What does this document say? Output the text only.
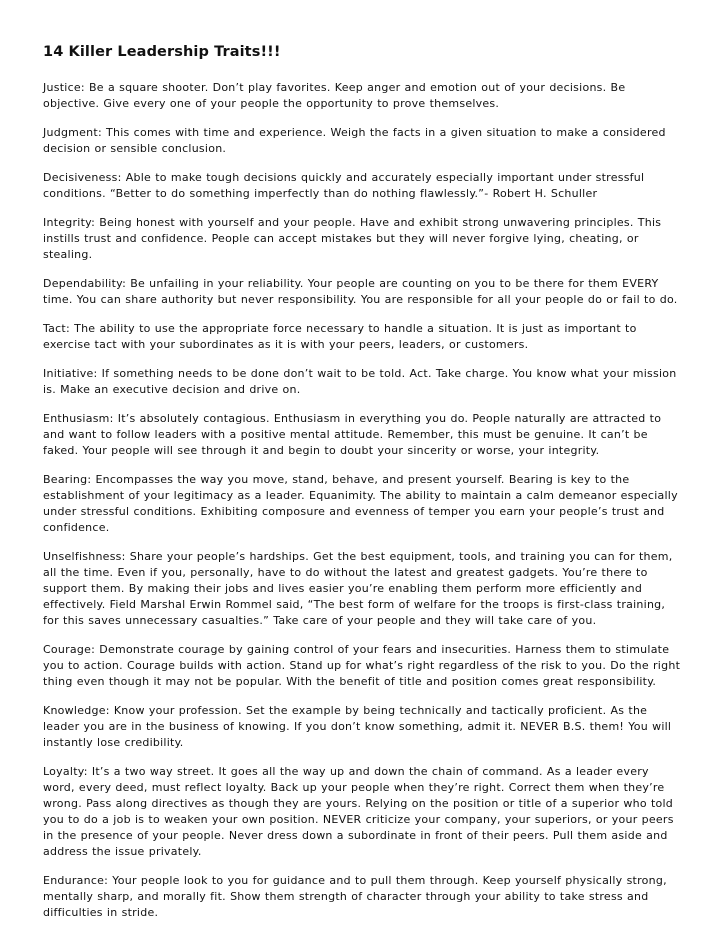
14 Killer Leadership Traits!!!

Justice: Be a square shooter. Don’t play favorites. Keep anger and emotion out of your decisions. Be objective. Give every one of your people the opportunity to prove themselves.

Judgment: This comes with time and experience. Weigh the facts in a given situation to make a considered decision or sensible conclusion.

Decisiveness: Able to make tough decisions quickly and accurately especially important under stressful conditions. “Better to do something imperfectly than do nothing flawlessly.”- Robert H. Schuller

Integrity: Being honest with yourself and your people. Have and exhibit strong unwavering principles. This instills trust and confidence. People can accept mistakes but they will never forgive lying, cheating, or stealing.

Dependability: Be unfailing in your reliability. Your people are counting on you to be there for them EVERY time. You can share authority but never responsibility. You are responsible for all your people do or fail to do.

Tact: The ability to use the appropriate force necessary to handle a situation. It is just as important to exercise tact with your subordinates as it is with your peers, leaders, or customers.

Initiative: If something needs to be done don’t wait to be told. Act. Take charge. You know what your mission is. Make an executive decision and drive on.

Enthusiasm: It’s absolutely contagious. Enthusiasm in everything you do. People naturally are attracted to and want to follow leaders with a positive mental attitude. Remember, this must be genuine. It can’t be faked. Your people will see through it and begin to doubt your sincerity or worse, your integrity.

Bearing: Encompasses the way you move, stand, behave, and present yourself. Bearing is key to the establishment of your legitimacy as a leader. Equanimity. The ability to maintain a calm demeanor especially under stressful conditions. Exhibiting composure and evenness of temper you earn your people’s trust and confidence.

Unselfishness: Share your people’s hardships. Get the best equipment, tools, and training you can for them, all the time. Even if you, personally, have to do without the latest and greatest gadgets. You’re there to support them. By making their jobs and lives easier you’re enabling them perform more efficiently and effectively. Field Marshal Erwin Rommel said, “The best form of welfare for the troops is first-class training, for this saves unnecessary casualties.” Take care of your people and they will take care of you.

Courage: Demonstrate courage by gaining control of your fears and insecurities. Harness them to stimulate you to action. Courage builds with action. Stand up for what’s right regardless of the risk to you. Do the right thing even though it may not be popular. With the benefit of title and position comes great responsibility.

Knowledge: Know your profession. Set the example by being technically and tactically proficient. As the leader you are in the business of knowing. If you don’t know something, admit it. NEVER B.S. them! You will instantly lose credibility.

Loyalty: It’s a two way street. It goes all the way up and down the chain of command. As a leader every word, every deed, must reflect loyalty. Back up your people when they’re right. Correct them when they’re wrong. Pass along directives as though they are yours. Relying on the position or title of a superior who told you to do a job is to weaken your own position. NEVER criticize your company, your superiors, or your peers in the presence of your people. Never dress down a subordinate in front of their peers. Pull them aside and address the issue privately.

Endurance: Your people look to you for guidance and to pull them through. Keep yourself physically strong, mentally sharp, and morally fit. Show them strength of character through your ability to take stress and difficulties in stride.
